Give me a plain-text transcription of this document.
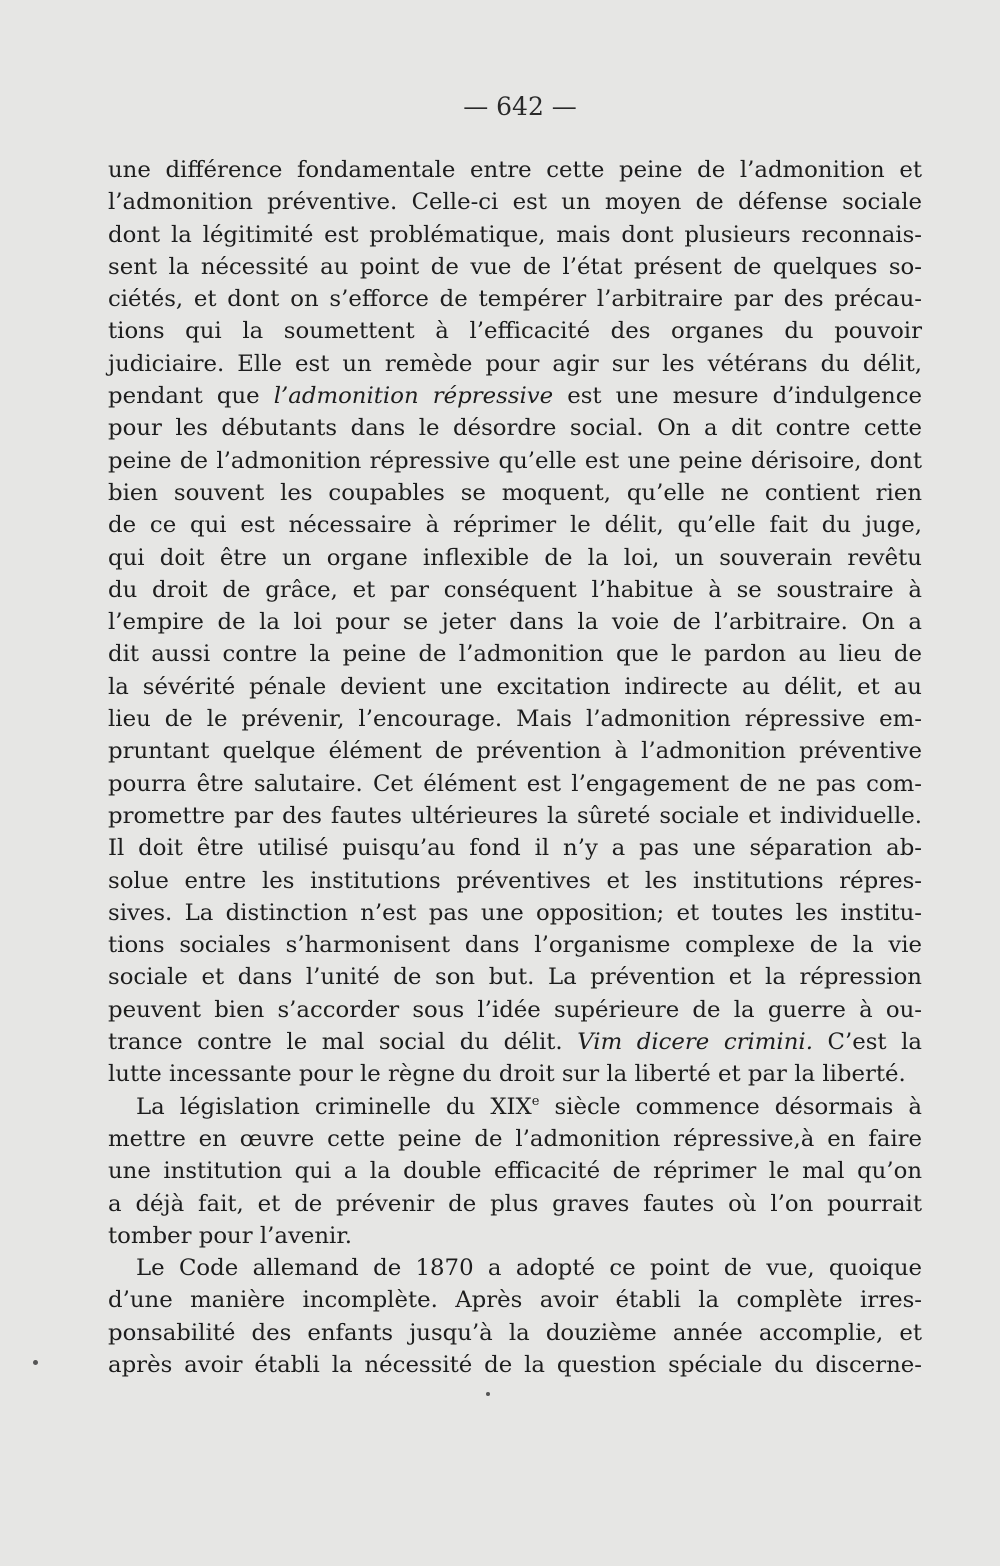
— 642 —

une différence fondamentale entre cette peine de l’admonition et

l’admonition préventive. Celle-ci est un moyen de défense sociale

dont la légitimité est problématique, mais dont plusieurs reconnais-

sent la nécessité au point de vue de l’état présent de quelques so-

ciétés, et dont on s’efforce de tempérer l’arbitraire par des précau-

tions qui la soumettent à l’efficacité des organes du pouvoir

judiciaire. Elle est un remède pour agir sur les vétérans du délit,

pendant que l’admonition répressive est une mesure d’indulgence

pour les débutants dans le désordre social. On a dit contre cette

peine de l’admonition répressive qu’elle est une peine dérisoire, dont

bien souvent les coupables se moquent, qu’elle ne contient rien

de ce qui est nécessaire à réprimer le délit, qu’elle fait du juge,

qui doit être un organe inflexible de la loi, un souverain revêtu

du droit de grâce, et par conséquent l’habitue à se soustraire à

l’empire de la loi pour se jeter dans la voie de l’arbitraire. On a

dit aussi contre la peine de l’admonition que le pardon au lieu de

la sévérité pénale devient une excitation indirecte au délit, et au

lieu de le prévenir, l’encourage. Mais l’admonition répressive em-

pruntant quelque élément de prévention à l’admonition préventive

pourra être salutaire. Cet élément est l’engagement de ne pas com-

promettre par des fautes ultérieures la sûreté sociale et individuelle.

Il doit être utilisé puisqu’au fond il n’y a pas une séparation ab-

solue entre les institutions préventives et les institutions répres-

sives. La distinction n’est pas une opposition; et toutes les institu-

tions sociales s’harmonisent dans l’organisme complexe de la vie

sociale et dans l’unité de son but. La prévention et la répression

peuvent bien s’accorder sous l’idée supérieure de la guerre à ou-

trance contre le mal social du délit. Vim dicere crimini. C’est la

lutte incessante pour le règne du droit sur la liberté et par la liberté.

La législation criminelle du XIXe siècle commence désormais à

mettre en œuvre cette peine de l’admonition répressive,à en faire

une institution qui a la double efficacité de réprimer le mal qu’on

a déjà fait, et de prévenir de plus graves fautes où l’on pourrait

tomber pour l’avenir.

Le Code allemand de 1870 a adopté ce point de vue, quoique

d’une manière incomplète. Après avoir établi la complète irres-

ponsabilité des enfants jusqu’à la douzième année accomplie, et

après avoir établi la nécessité de la question spéciale du discerne-
